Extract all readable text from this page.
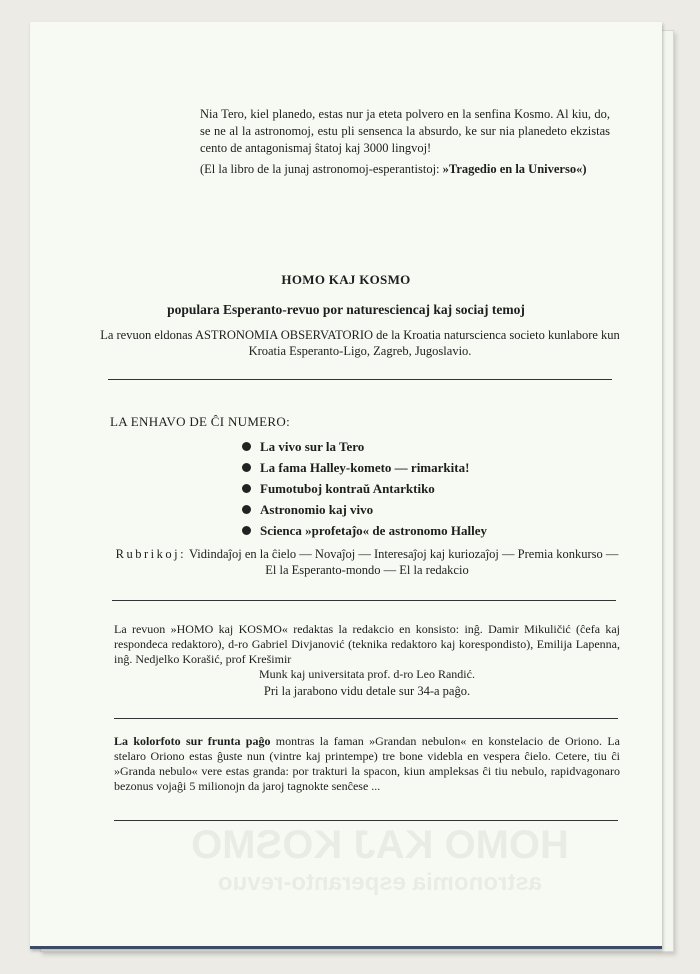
HOMO KAJ KOSMO
astronomia esperanto-revuo

Nia Tero, kiel planedo, estas nur ja eteta polvero en la senfina Kosmo. Al kiu, do, se ne al la astronomoj, estu pli sensenca la absurdo, ke sur nia planedeto ekzistas cento de antagonismaj ŝtatoj kaj 3000 lingvoj!

(El la libro de la junaj astronomoj-esperantistoj: »Tragedio en la Universo«)

HOMO KAJ KOSMO
populara Esperanto-revuo por naturesciencaj kaj sociaj temoj
La revuon eldonas ASTRONOMIA OBSERVATORIO de la Kroatia naturscienca societo kunlabore kun Kroatia Esperanto-Ligo, Zagreb, Jugoslavio.
LA ENHAVO DE ĈI NUMERO:
La vivo sur la Tero
La fama Halley-kometo — rimarkita!
Fumotuboj kontraŭ Antarktiko
Astronomio kaj vivo
Scienca »profetaĵo« de astronomo Halley
Rubrikoj: Vidindaĵoj en la ĉielo — Novaĵoj — Interesaĵoj kaj kuriozaĵoj — Premia konkurso — El la Esperanto-mondo — El la redakcio
La revuon »HOMO kaj KOSMO« redaktas la redakcio en konsisto: inĝ. Damir Mikuličić (ĉefa kaj respondeca redaktoro), d-ro Gabriel Divjanović (teknika redaktoro kaj korespondisto), Emilija Lapenna, inĝ. Nedjelko Korašić, prof Krešimir
Munk kaj universitata prof. d-ro Leo Randić.
Pri la jarabono vidu detale sur 34-a paĝo.
La kolorfoto sur frunta paĝo montras la faman »Grandan nebulon« en konstelacio de Oriono. La stelaro Oriono estas ĝuste nun (vintre kaj printempe) tre bone videbla en vespera ĉielo. Cetere, tiu ĉi »Granda nebulo« vere estas granda: por trakturi la spacon, kiun ampleksas ĉi tiu nebulo, rapidvagonaro bezonus vojaĝi 5 milionojn da jaroj tagnokte senĉese ...
